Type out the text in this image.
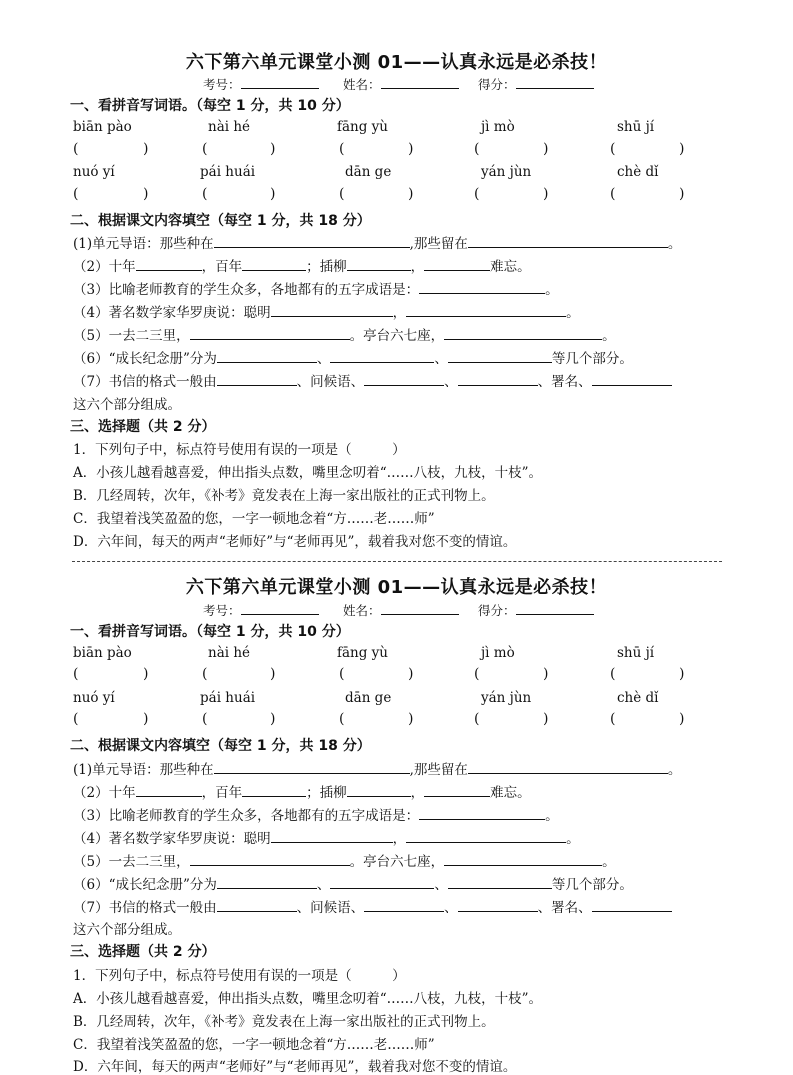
六下第六单元课堂小测 01——认真永远是必杀技！
考号：	姓名：	得分：
一、看拼音写词语。（每空 1 分，共 10 分）
biān pào	nài hé	fāng yù	jì mò	shū jí
(	)	(	)	(	)	(	)	(	)
nuó yí	pái huái	dān ge	yán jùn	chè dǐ
(	)	(	)	(	)	(	)	(	)
二、根据课文内容填空（每空 1 分，共 18 分）
(1)单元导语：那些种在	,那些留在	。
（2）十年	，百年	；插柳	，	难忘。
（3）比喻老师教育的学生众多，各地都有的五字成语是：	。
（4）著名数学家华罗庚说：聪明	，	。
（5）一去二三里，	。亭台六七座，	。
（6）“成长纪念册”分为	、	、	等几个部分。
（7）书信的格式一般由	、问候语、	、	、署名、
这六个部分组成。
三、选择题（共 2 分）
1．下列句子中，标点符号使用有误的一项是（　　　）
A．小孩儿越看越喜爱，伸出指头点数，嘴里念叨着“……八枝，九枝，十枝”。
B．几经周转，次年，《补考》竟发表在上海一家出版社的正式刊物上。
C．我望着浅笑盈盈的您，一字一顿地念着“方……老……师”
D．六年间，每天的两声“老师好”与“老师再见”，载着我对您不变的情谊。
六下第六单元课堂小测 01——认真永远是必杀技！
考号：	姓名：	得分：
一、看拼音写词语。（每空 1 分，共 10 分）
biān pào	nài hé	fāng yù	jì mò	shū jí
(	)	(	)	(	)	(	)	(	)
nuó yí	pái huái	dān ge	yán jùn	chè dǐ
(	)	(	)	(	)	(	)	(	)
二、根据课文内容填空（每空 1 分，共 18 分）
(1)单元导语：那些种在	,那些留在	。
（2）十年	，百年	；插柳	，	难忘。
（3）比喻老师教育的学生众多，各地都有的五字成语是：	。
（4）著名数学家华罗庚说：聪明	，	。
（5）一去二三里，	。亭台六七座，	。
（6）“成长纪念册”分为	、	、	等几个部分。
（7）书信的格式一般由	、问候语、	、	、署名、
这六个部分组成。
三、选择题（共 2 分）
1．下列句子中，标点符号使用有误的一项是（　　　）
A．小孩儿越看越喜爱，伸出指头点数，嘴里念叨着“……八枝，九枝，十枝”。
B．几经周转，次年，《补考》竟发表在上海一家出版社的正式刊物上。
C．我望着浅笑盈盈的您，一字一顿地念着“方……老……师”
D．六年间，每天的两声“老师好”与“老师再见”，载着我对您不变的情谊。
